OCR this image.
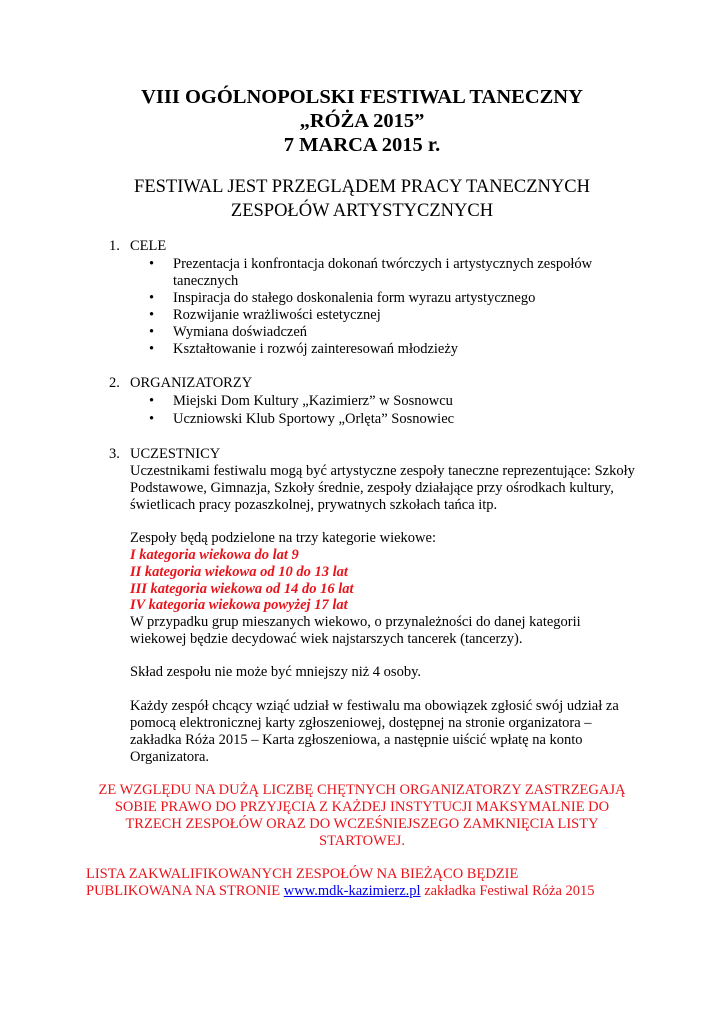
VIII OGÓLNOPOLSKI FESTIWAL TANECZNY
„RÓŻA 2015”
7 MARCA 2015 r.
FESTIWAL JEST PRZEGLĄDEM PRACY TANECZNYCH
ZESPOŁÓW ARTYSTYCZNYCH
1. CELE
• Prezentacja i konfrontacja dokonań twórczych i artystycznych zespołów
tanecznych
• Inspiracja do stałego doskonalenia form wyrazu artystycznego
• Rozwijanie wrażliwości estetycznej
• Wymiana doświadczeń
• Kształtowanie i rozwój zainteresowań młodzieży
2. ORGANIZATORZY
• Miejski Dom Kultury „Kazimierz” w Sosnowcu
• Uczniowski Klub Sportowy „Orlęta” Sosnowiec
3. UCZESTNICY
Uczestnikami festiwalu mogą być artystyczne zespoły taneczne reprezentujące: Szkoły
Podstawowe, Gimnazja, Szkoły średnie, zespoły działające przy ośrodkach kultury,
świetlicach pracy pozaszkolnej, prywatnych szkołach tańca itp.
Zespoły będą podzielone na trzy kategorie wiekowe:
I kategoria wiekowa do lat 9
II kategoria wiekowa od 10 do 13 lat
III kategoria wiekowa od 14 do 16 lat
IV kategoria wiekowa powyżej 17 lat
W przypadku grup mieszanych wiekowo, o przynależności do danej kategorii
wiekowej będzie decydować wiek najstarszych tancerek (tancerzy).
Skład zespołu nie może być mniejszy niż 4 osoby.
Każdy zespół chcący wziąć udział w festiwalu ma obowiązek zgłosić swój udział za
pomocą elektronicznej karty zgłoszeniowej, dostępnej na stronie organizatora –
zakładka Róża 2015 – Karta zgłoszeniowa, a następnie uiścić wpłatę na konto
Organizatora.
ZE WZGLĘDU NA DUŻĄ LICZBĘ CHĘTNYCH ORGANIZATORZY ZASTRZEGAJĄ
SOBIE PRAWO DO PRZYJĘCIA Z KAŻDEJ INSTYTUCJI MAKSYMALNIE DO
TRZECH ZESPOŁÓW ORAZ DO WCZEŚNIEJSZEGO ZAMKNIĘCIA LISTY
STARTOWEJ.
LISTA ZAKWALIFIKOWANYCH ZESPOŁÓW NA BIEŻĄCO BĘDZIE
PUBLIKOWANA NA STRONIE www.mdk-kazimierz.pl zakładka Festiwal Róża 2015
